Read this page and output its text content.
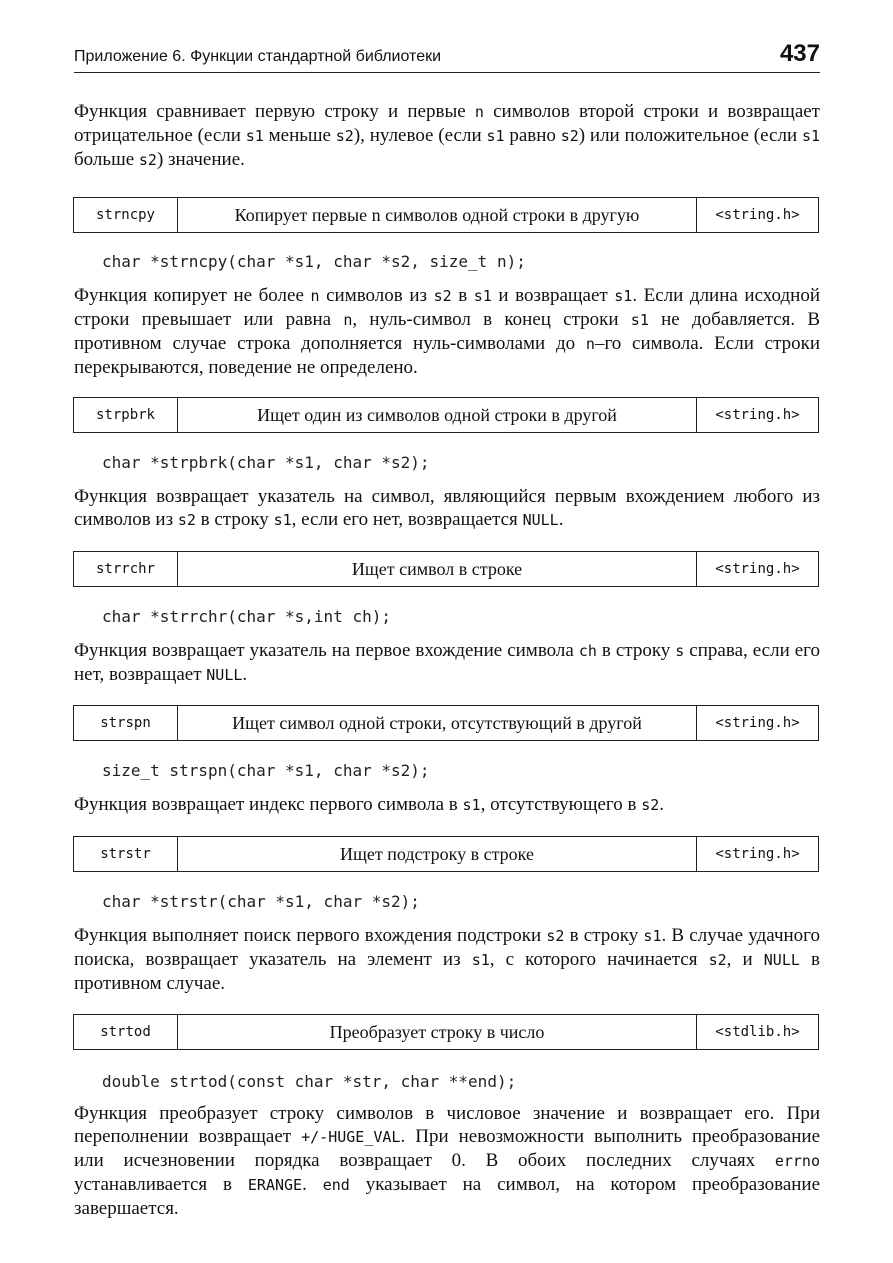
Приложение 6. Функции стандартной библиотеки	437

Функция сравнивает первую строку и первые n символов второй строки и возвращает отрицательное (если s1 меньше s2), нулевое (если s1 равно s2) или положительное (если s1 больше s2) значение.

strncpy	Копирует первые n символов одной строки в другую	<string.h>
char *strncpy(char *s1, char *s2, size_t n);

Функция копирует не более n символов из s2 в s1 и возвращает s1. Если длина исходной строки превышает или равна n, нуль-символ в конец строки s1 не добавляется. В противном случае строка дополняется нуль-символами до n–го символа. Если строки перекрываются, поведение не определено.

strpbrk	Ищет один из символов одной строки в другой	<string.h>
char *strpbrk(char *s1, char *s2);

Функция возвращает указатель на символ, являющийся первым вхождением любого из символов из s2 в строку s1, если его нет, возвращается NULL.

strrchr	Ищет символ в строке	<string.h>
char *strrchr(char *s,int ch);

Функция возвращает указатель на первое вхождение символа ch в строку s справа, если его нет, возвращает NULL.

strspn	Ищет символ одной строки, отсутствующий в другой	<string.h>
size_t strspn(char *s1, char *s2);

Функция возвращает индекс первого символа в s1, отсутствующего в s2.

strstr	Ищет подстроку в строке	<string.h>
char *strstr(char *s1, char *s2);

Функция выполняет поиск первого вхождения подстроки s2 в строку s1. В случае удачного поиска, возвращает указатель на элемент из s1, с которого начинается s2, и NULL в противном случае.

strtod	Преобразует строку в число	<stdlib.h>
double strtod(const char *str, char **end);

Функция преобразует строку символов в числовое значение и возвращает его. При переполнении возвращает +/-HUGE_VAL. При невозможности выполнить преобразование или исчезновении порядка возвращает 0. В обоих последних случаях errno устанавливается в ERANGE. end указывает на символ, на котором преобразование завершается.
